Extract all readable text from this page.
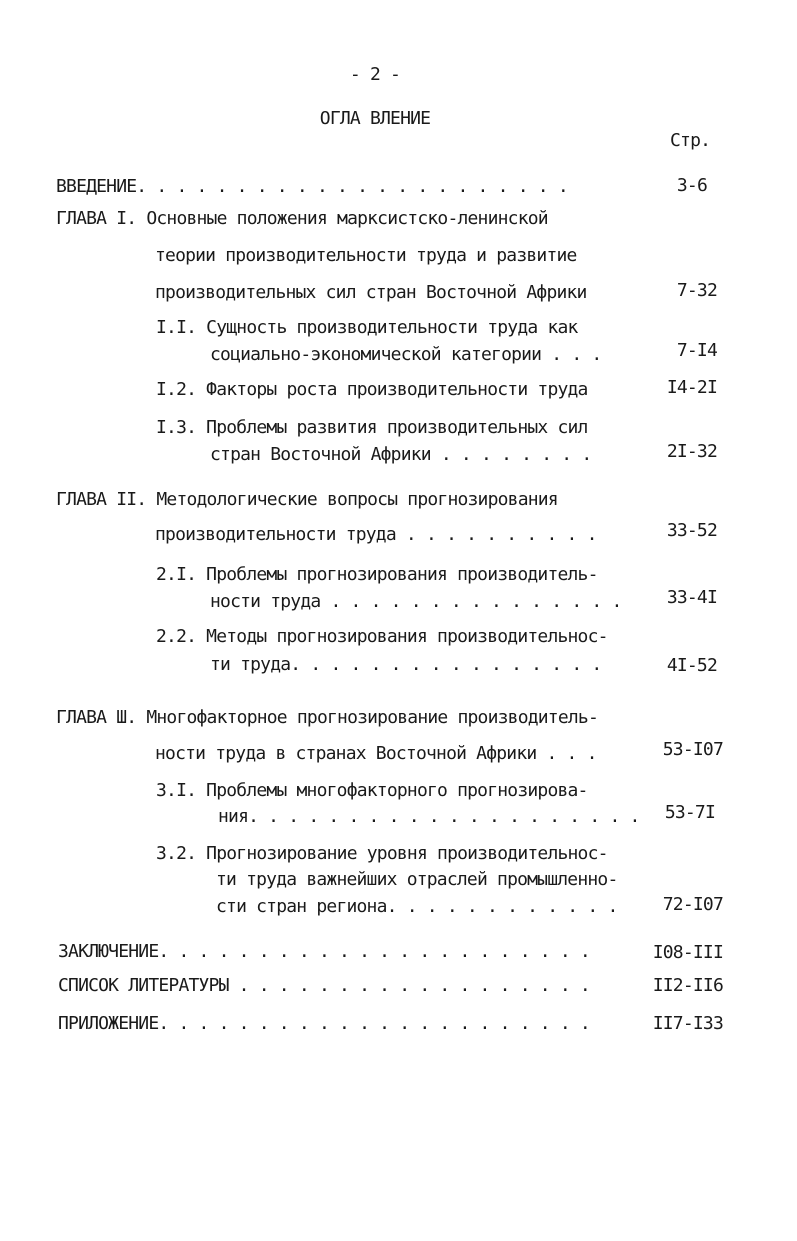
- 2 -
ОГЛА ВЛЕНИЕ
Стр.
ВВЕДЕНИЕ. . . . . . . . . . . . . . . . . . . . . .	3-6
ГЛАВА I. Основные положения марксистско-ленинской
теории производительности труда и развитие
производительных сил стран Восточной Африки	7-32
I.I. Сущность производительности труда как
социально-экономической категории . . .	7-I4
I.2. Факторы роста производительности труда	I4-2I
I.3. Проблемы развития производительных сил
стран Восточной Африки . . . . . . . .	2I-32
ГЛАВА II. Методологические вопросы прогнозирования
производительности труда . . . . . . . . . .	33-52
2.I. Проблемы прогнозирования производитель-
ности труда . . . . . . . . . . . . . . .	33-4I
2.2. Методы прогнозирования производительнос-
ти труда. . . . . . . . . . . . . . . .	4I-52
ГЛАВА Ш. Многофакторное прогнозирование производитель-
ности труда в странах Восточной Африки . . .	53-I07
3.I. Проблемы многофакторного прогнозирова-
ния. . . . . . . . . . . . . . . . . . . . 53-7I
3.2. Прогнозирование уровня производительнос-
ти труда важнейших отраслей промышленно-
сти стран региона. . . . . . . . . . . .	72-I07
ЗАКЛЮЧЕНИЕ. . . . . . . . . . . . . . . . . . . . . .	I08-III
СПИСОК ЛИТЕРАТУРЫ . . . . . . . . . . . . . . . . . .	II2-II6
ПРИЛОЖЕНИЕ. . . . . . . . . . . . . . . . . . . . . .	II7-I33
